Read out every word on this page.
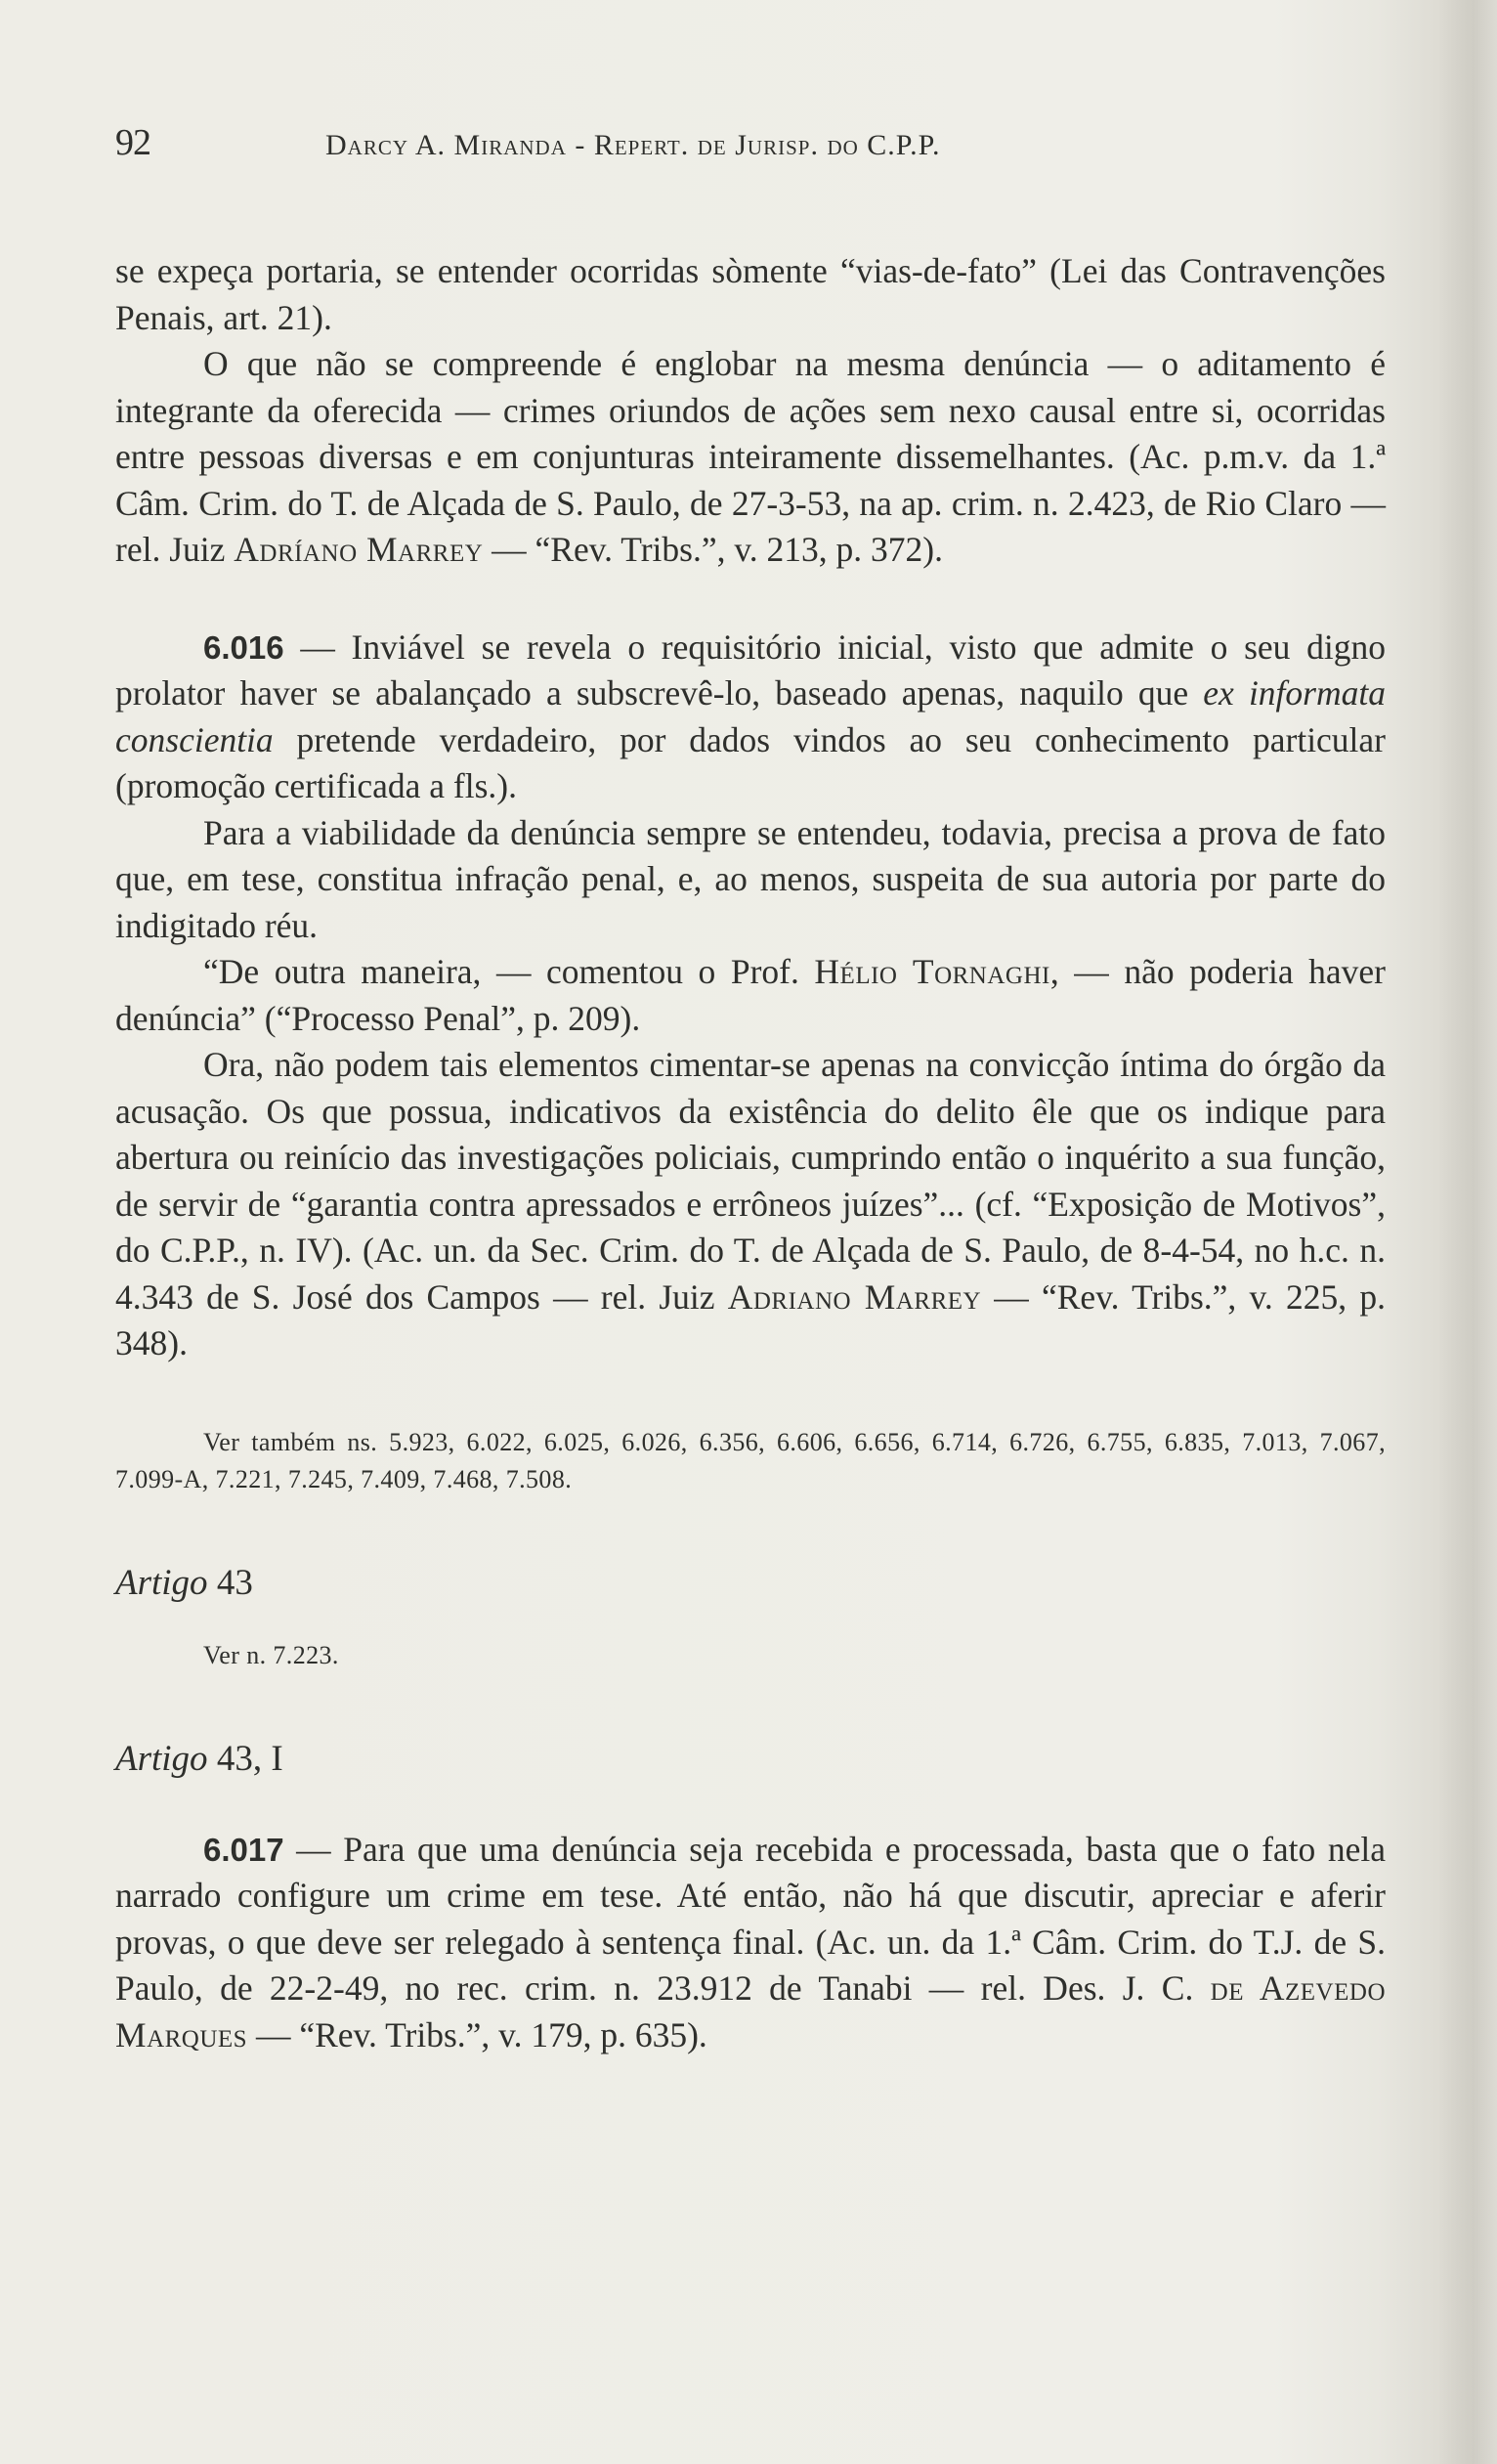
92	Darcy A. Miranda - Repert. de Jurisp. do C.P.P.

se expeça portaria, se entender ocorridas sòmente “vias-de-fato” (Lei das Contravenções Penais, art. 21).

O que não se compreende é englobar na mesma denúncia — o aditamento é integrante da oferecida — crimes oriundos de ações sem nexo causal entre si, ocorridas entre pessoas diversas e em conjunturas inteiramente dissemelhantes. (Ac. p.m.v. da 1.ª Câm. Crim. do T. de Alçada de S. Paulo, de 27-3-53, na ap. crim. n. 2.423, de Rio Claro — rel. Juiz Adríano Marrey — “Rev. Tribs.”, v. 213, p. 372).

6.016 — Inviável se revela o requisitório inicial, visto que admite o seu digno prolator haver se abalançado a subscrevê-lo, baseado apenas, naquilo que ex informata conscientia pretende verdadeiro, por dados vindos ao seu conhecimento particular (promoção certificada a fls.).

Para a viabilidade da denúncia sempre se entendeu, todavia, precisa a prova de fato que, em tese, constitua infração penal, e, ao menos, suspeita de sua autoria por parte do indigitado réu.

“De outra maneira, — comentou o Prof. Hélio Tornaghi, — não poderia haver denúncia” (“Processo Penal”, p. 209).

Ora, não podem tais elementos cimentar-se apenas na convicção íntima do órgão da acusação. Os que possua, indicativos da existência do delito êle que os indique para abertura ou reinício das investigações policiais, cumprindo então o inquérito a sua função, de servir de “garantia contra apressados e errôneos juízes”... (cf. “Exposição de Motivos”, do C.P.P., n. IV). (Ac. un. da Sec. Crim. do T. de Alçada de S. Paulo, de 8-4-54, no h.c. n. 4.343 de S. José dos Campos — rel. Juiz Adriano Marrey — “Rev. Tribs.”, v. 225, p. 348).

Ver também ns. 5.923, 6.022, 6.025, 6.026, 6.356, 6.606, 6.656, 6.714, 6.726, 6.755, 6.835, 7.013, 7.067, 7.099-A, 7.221, 7.245, 7.409, 7.468, 7.508.

Artigo 43

Ver n. 7.223.

Artigo 43, I

6.017 — Para que uma denúncia seja recebida e processada, basta que o fato nela narrado configure um crime em tese. Até então, não há que discutir, apreciar e aferir provas, o que deve ser relegado à sentença final. (Ac. un. da 1.ª Câm. Crim. do T.J. de S. Paulo, de 22-2-49, no rec. crim. n. 23.912 de Tanabi — rel. Des. J. C. de Azevedo Marques — “Rev. Tribs.”, v. 179, p. 635).
